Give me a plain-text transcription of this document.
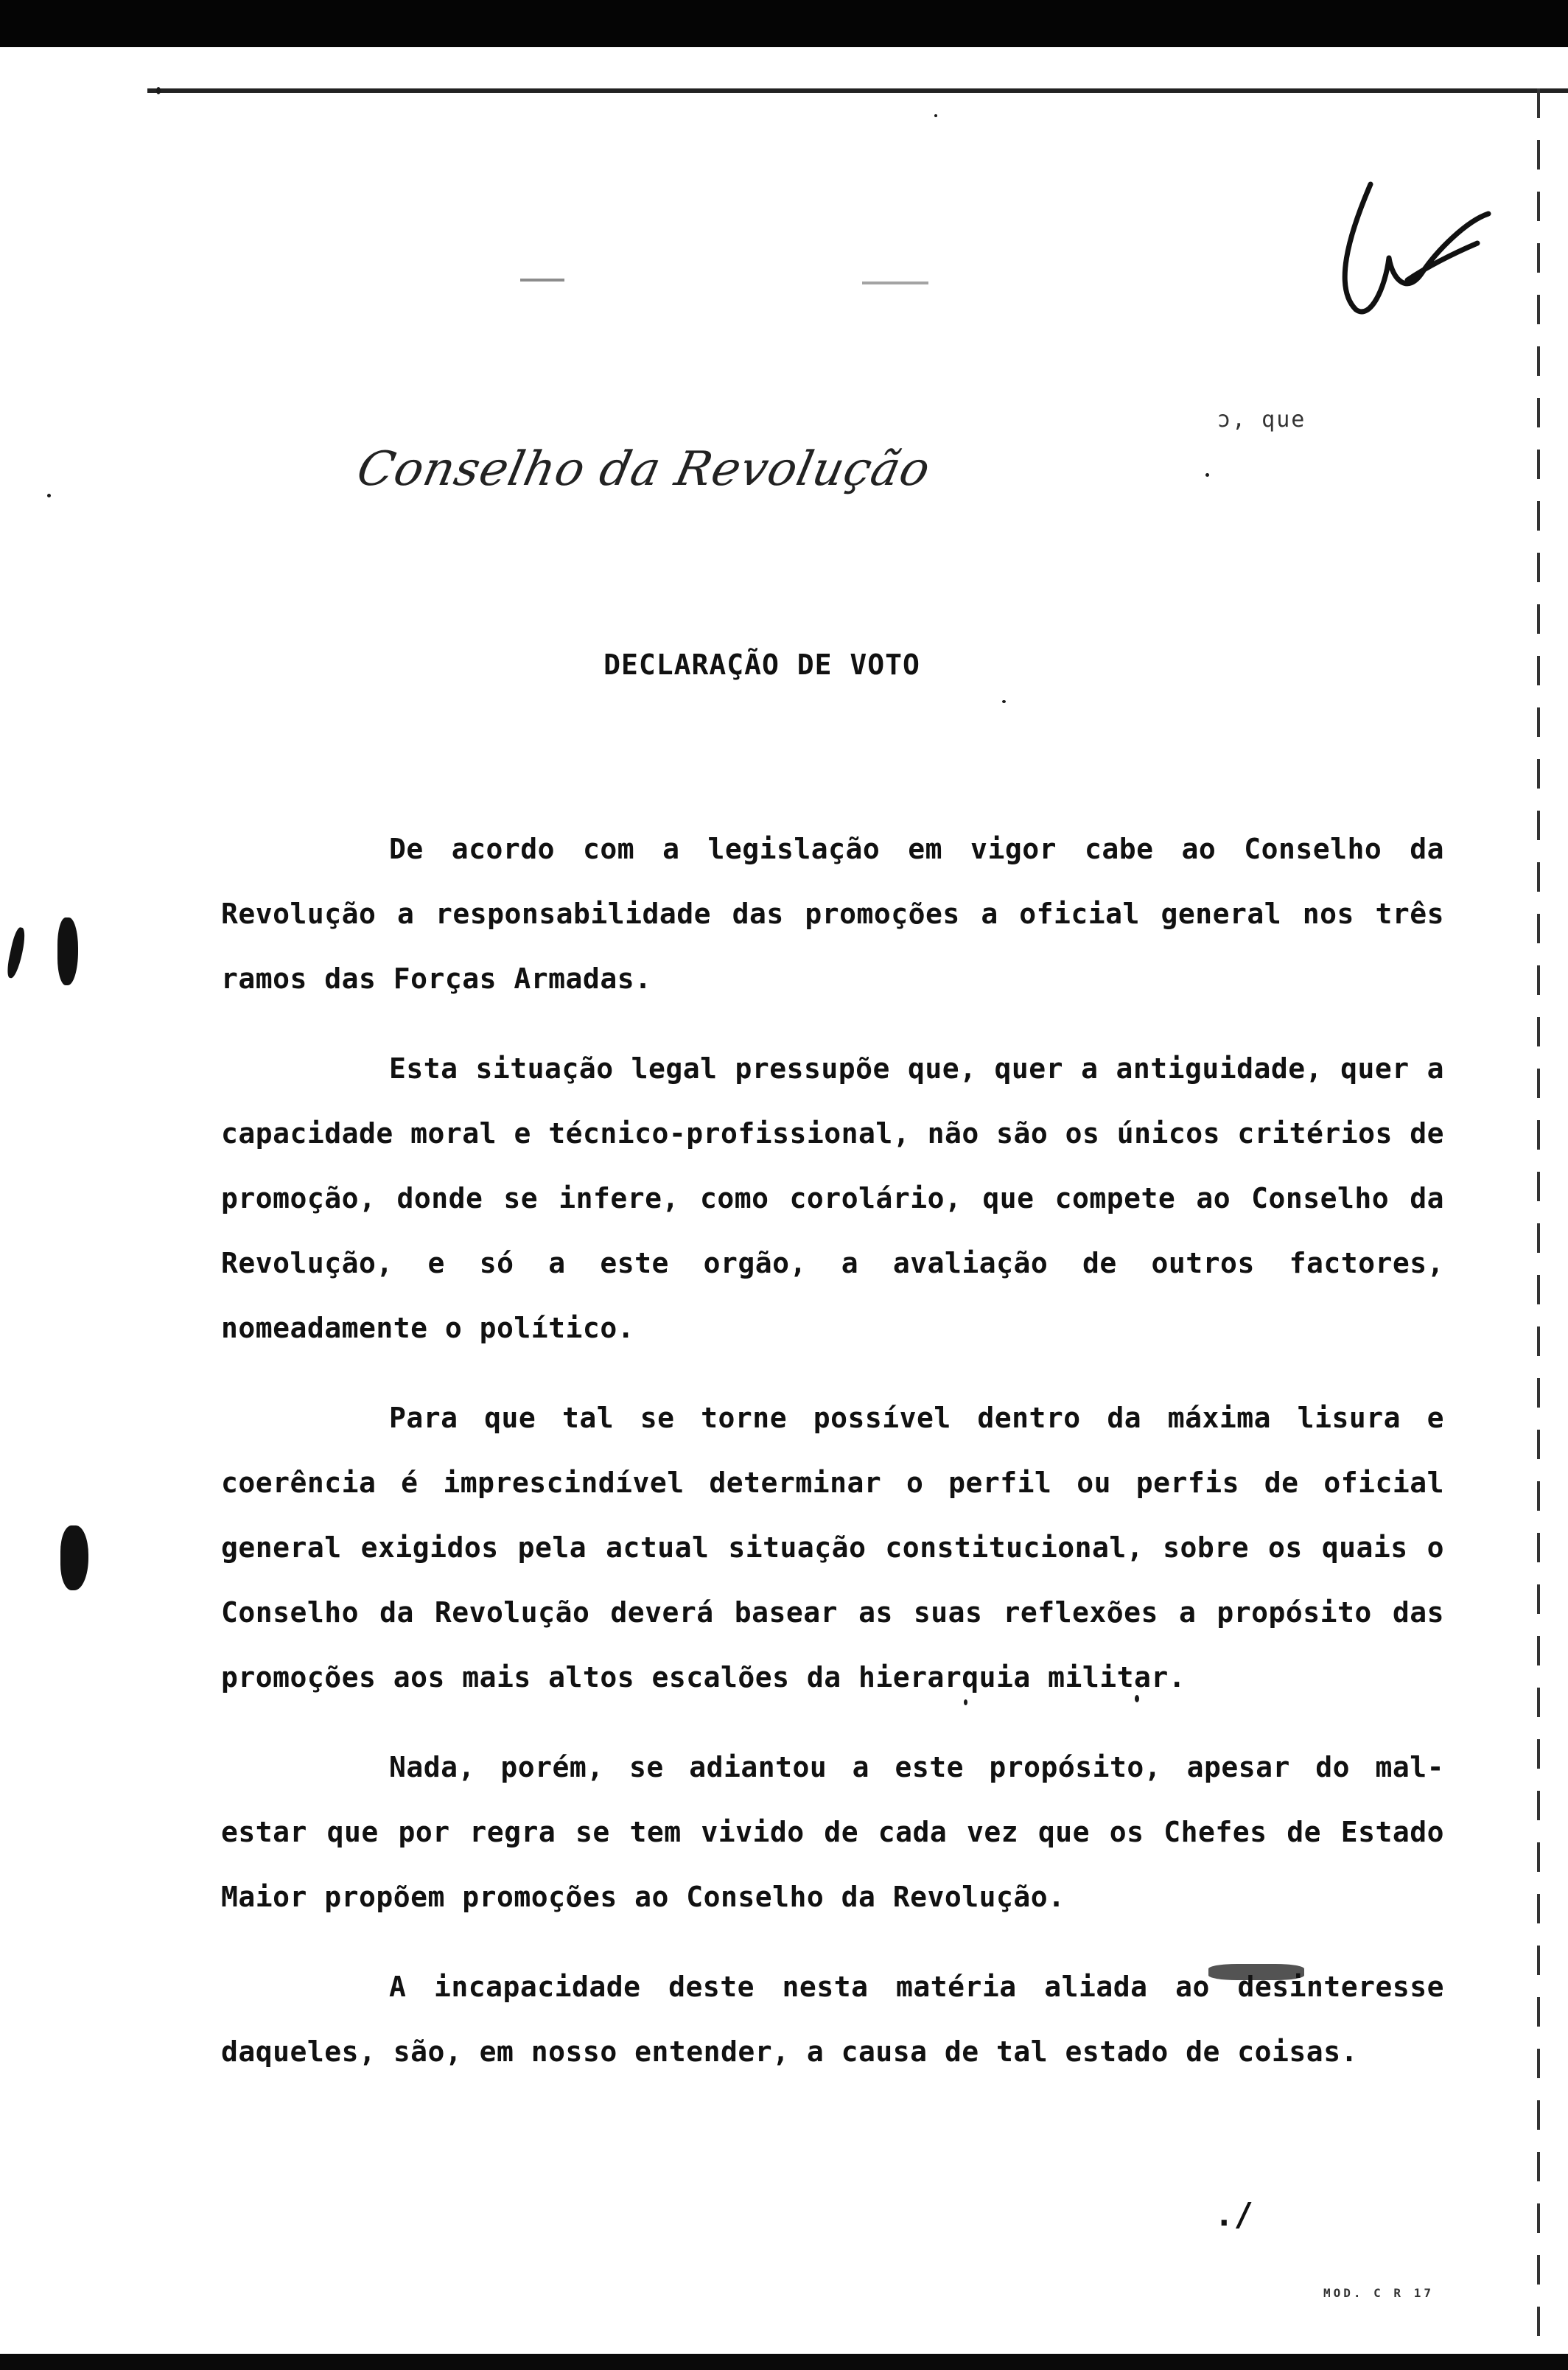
ɔ, que
Conselho da Revolução
DECLARAÇÃO DE VOTO

De acordo com a legislação em vigor cabe ao Conselho da Revolução a responsabilidade das promoções a oficial general nos três ramos das Forças Armadas.

Esta situação legal pressupõe que, quer a antiguidade, quer a capacidade moral e técnico-profissional, não são os únicos critérios de promoção, donde se infere, como corolário, que compete ao Conselho da Revolução, e só a este orgão, a avaliação de outros factores, nomeadamente o político.

Para que tal se torne possível dentro da máxima lisura e coerência é imprescindível determinar o perfil ou perfis de oficial general exigidos pela actual situação constitucional, sobre os quais o Conselho da Revolução deverá basear as suas reflexões a propósito das promoções aos mais altos escalões da hierarquia militar.

Nada, porém, se adiantou a este propósito, apesar do mal-estar que por regra se tem vivido de cada vez que os Chefes de Estado Maior propõem promoções ao Conselho da Revolução.

A incapacidade deste nesta matéria aliada ao desinteresse daqueles, são, em nosso entender, a causa de tal estado de coisas.

./
MOD. C R 17
